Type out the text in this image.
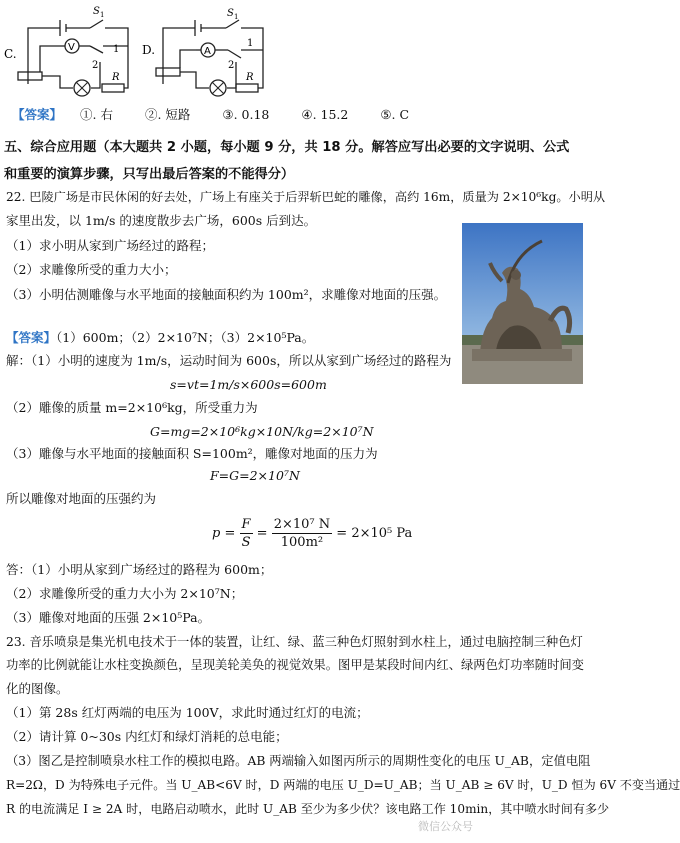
C.	V
S 1
1
2
R
D.	A
S 1
1
2
R
【答案】 ①. 右	②. 短路	③. 0.18	④. 15.2	⑤. C
五、综合应用题（本大题共 2 小题，每小题 9 分，共 18 分。解答应写出必要的文字说明、公式
和重要的演算步骤，只写出最后答案的不能得分）
22. 巴陵广场是市民休闲的好去处，广场上有座关于后羿斩巴蛇的雕像，高约 16m，质量为 2×10⁶kg。小明从
家里出发，以 1m/s 的速度散步去广场，600s 后到达。
（1）求小明从家到广场经过的路程；
（2）求雕像所受的重力大小；
（3）小明估测雕像与水平地面的接触面积约为 100m²，求雕像对地面的压强。
【答案】（1）600m；（2）2×10⁷N；（3）2×10⁵Pa。
解：（1）小明的速度为 1m/s，运动时间为 600s，所以从家到广场经过的路程为
s=vt=1m/s×600s=600m
（2）雕像的质量 m=2×10⁶kg，所受重力为
G=mg=2×10⁶kg×10N/kg=2×10⁷N
（3）雕像与水平地面的接触面积 S=100m²，雕像对地面的压力为
F=G=2×10⁷N
所以雕像对地面的压强约为
$p = \frac{F}{S} = \frac{\text{2×10⁷ N}}{\text{100m²}} = 2\times 10^5$ Pa
答：（1）小明从家到广场经过的路程为 600m；
（2）求雕像所受的重力大小为 2×10⁷N；
（3）雕像对地面的压强 2×10⁵Pa。
23. 音乐喷泉是集光机电技术于一体的装置，让红、绿、蓝三种色灯照射到水柱上，通过电脑控制三种色灯
功率的比例就能让水柱变换颜色，呈现美轮美奂的视觉效果。图甲是某段时间内红、绿两色灯功率随时间变
化的图像。
（1）第 28s 红灯两端的电压为 100V，求此时通过红灯的电流；
（2）请计算 0~30s 内红灯和绿灯消耗的总电能；
（3）图乙是控制喷泉水柱工作的模拟电路。AB 两端输入如图丙所示的周期性变化的电压 U_AB，定值电阻
R=2Ω，D 为特殊电子元件。当 U_AB<6V 时，D 两端的电压 U_D=U_AB；当 U_AB ≥ 6V 时，U_D 恒为 6V 不变当通过
R 的电流满足 I ≥ 2A 时，电路启动喷水，此时 U_AB 至少为多少伏？该电路工作 10min，其中喷水时间有多少
微信公众号
